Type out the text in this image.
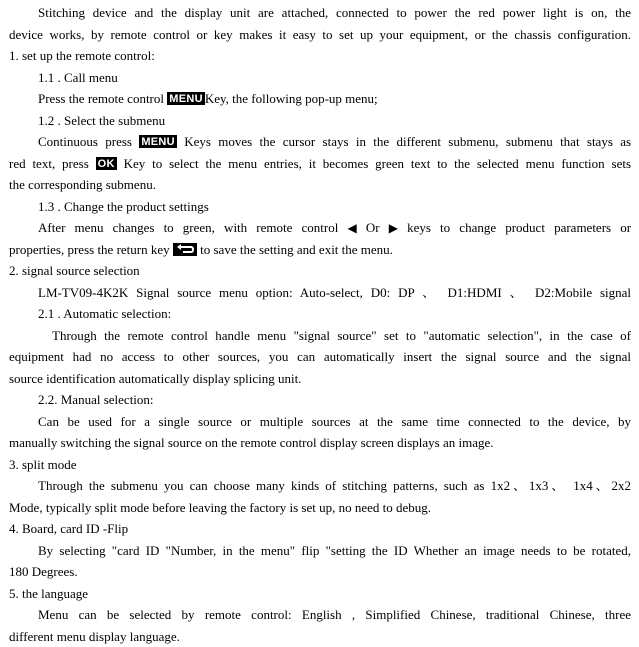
Stitching device and the display unit are attached, connected to power the red power light is on, the
device works, by remote control or key makes it easy to set up your equipment, or the chassis configuration.
1. set up the remote control:
1.1 . Call menu
Press the remote control MENU Key, the following pop-up menu;
1.2 . Select the submenu
Continuous press MENU Keys moves the cursor stays in the different submenu, submenu that stays as
red text, press OK Key to select the menu entries, it becomes green text to the selected menu function sets
the corresponding submenu.
1.3 . Change the product settings
After menu changes to green, with remote control ◀ Or ▶ keys to change product parameters or
properties, press the return key to save the setting and exit the menu.
2. signal source selection
LM-TV09-4K2K Signal source menu option: Auto-select, D0: DP 、 D1:HDMI 、 D2:Mobile signal
2.1 . Automatic selection:
Through the remote control handle menu "signal source" set to "automatic selection", in the case of
equipment had no access to other sources, you can automatically insert the signal source and the signal
source identification automatically display splicing unit.
2.2. Manual selection:
Can be used for a single source or multiple sources at the same time connected to the device, by
manually switching the signal source on the remote control display screen displays an image.
3. split mode
Through the submenu you can choose many kinds of stitching patterns, such as 1x2、1x3、 1x4、2x2
Mode, typically split mode before leaving the factory is set up, no need to debug.
4. Board, card ID -Flip
By selecting "card ID "Number, in the menu" flip "setting the ID Whether an image needs to be rotated,
180 Degrees.
5. the language
Menu can be selected by remote control: English , Simplified Chinese, traditional Chinese, three
different menu display language.
